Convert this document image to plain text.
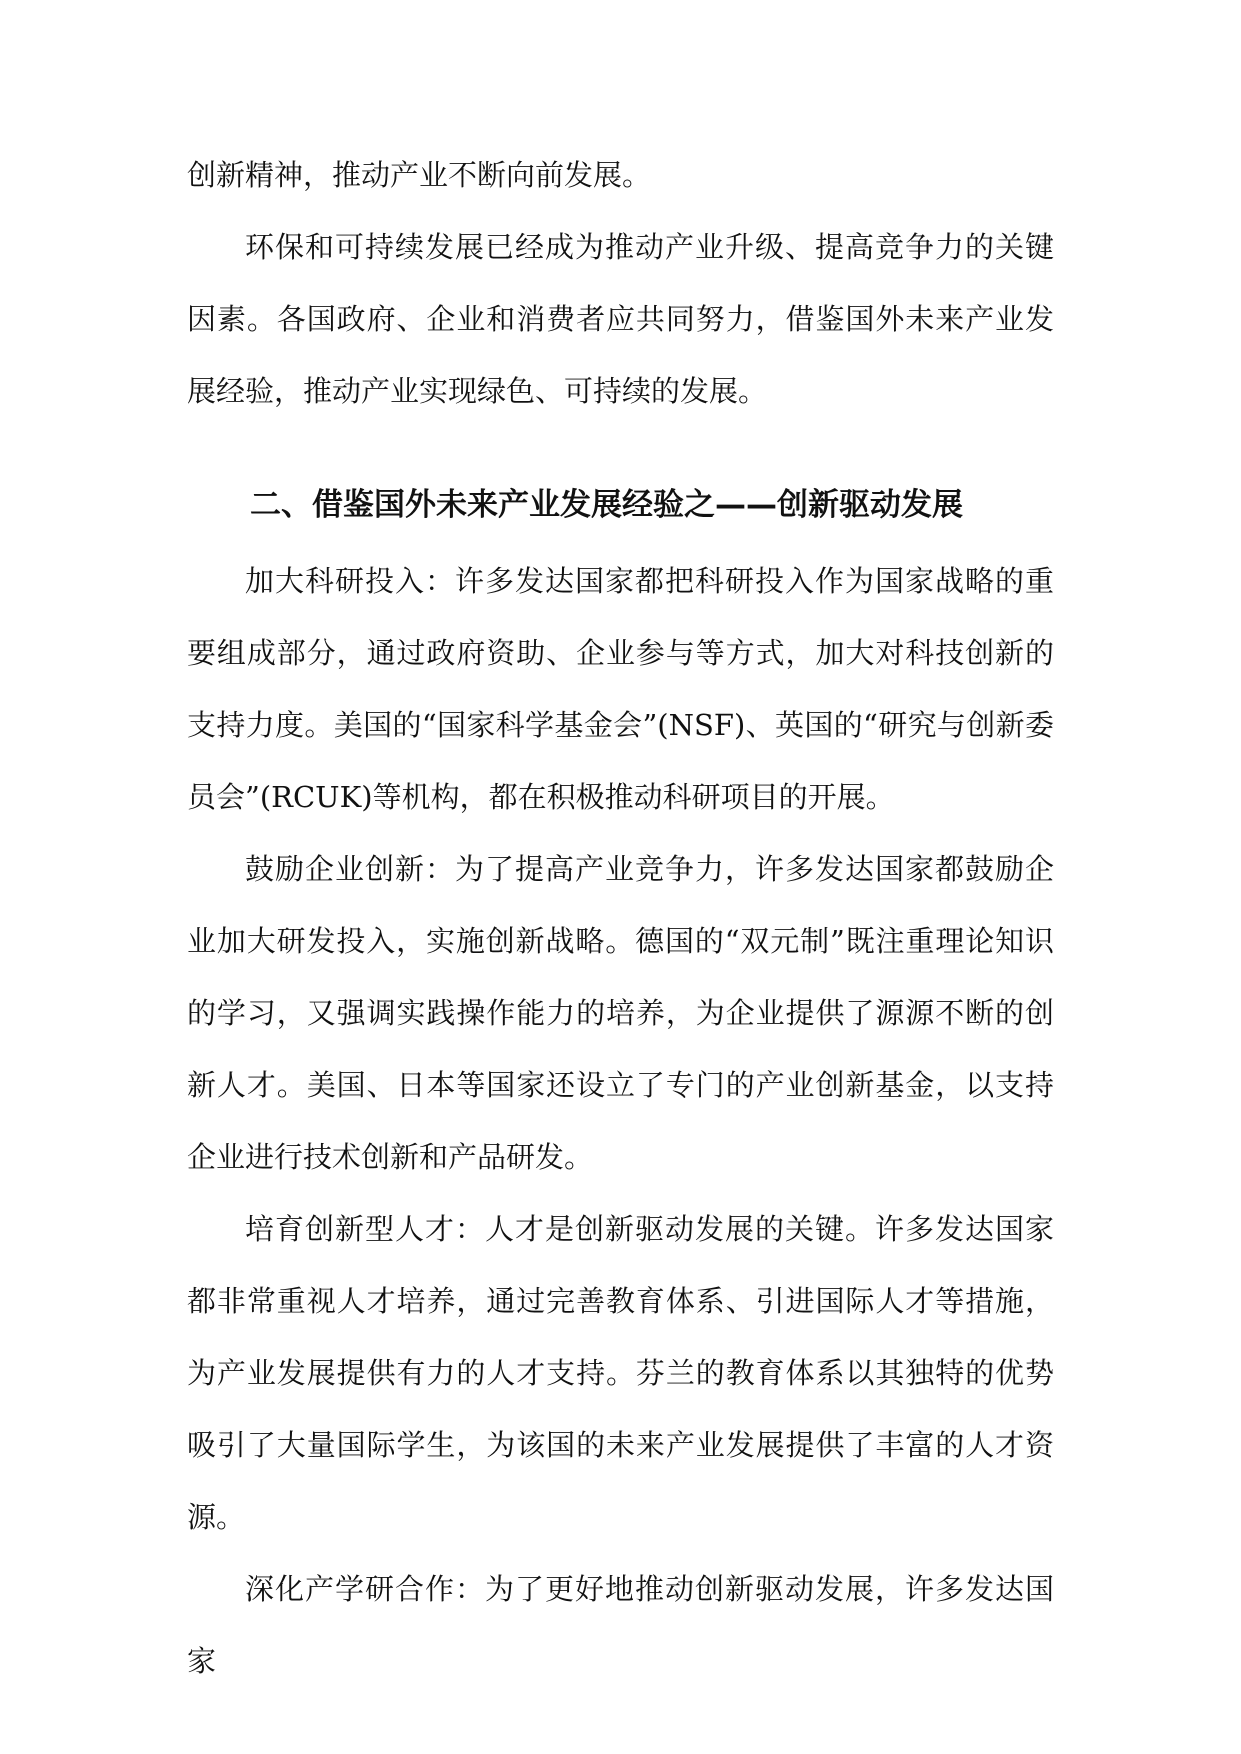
创新精神，推动产业不断向前发展。

环保和可持续发展已经成为推动产业升级、提高竞争力的关键因素。各国政府、企业和消费者应共同努力，借鉴国外未来产业发展经验，推动产业实现绿色、可持续的发展。

二、借鉴国外未来产业发展经验之——创新驱动发展

加大科研投入：许多发达国家都把科研投入作为国家战略的重要组成部分，通过政府资助、企业参与等方式，加大对科技创新的支持力度。美国的“国家科学基金会”(NSF)、英国的“研究与创新委员会”(RCUK)等机构，都在积极推动科研项目的开展。

鼓励企业创新：为了提高产业竞争力，许多发达国家都鼓励企业加大研发投入，实施创新战略。德国的“双元制”既注重理论知识的学习，又强调实践操作能力的培养，为企业提供了源源不断的创新人才。美国、日本等国家还设立了专门的产业创新基金，以支持企业进行技术创新和产品研发。

培育创新型人才：人才是创新驱动发展的关键。许多发达国家都非常重视人才培养，通过完善教育体系、引进国际人才等措施，为产业发展提供有力的人才支持。芬兰的教育体系以其独特的优势吸引了大量国际学生，为该国的未来产业发展提供了丰富的人才资源。

深化产学研合作：为了更好地推动创新驱动发展，许多发达国家
